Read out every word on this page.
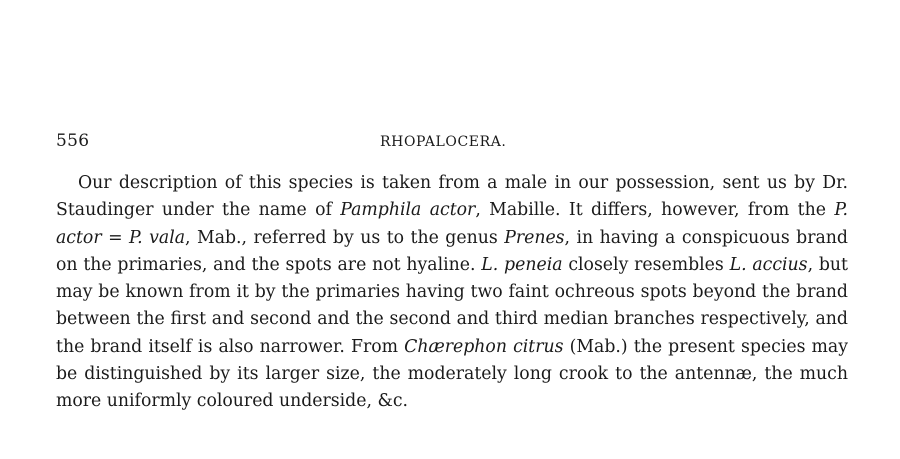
556	RHOPALOCERA.

Our description of this species is taken from a male in our possession, sent us by Dr. Staudinger under the name of Pamphila actor, Mabille. It differs, however, from the P. actor = P. vala, Mab., referred by us to the genus Prenes, in having a conspicuous brand on the primaries, and the spots are not hyaline. L. peneia closely resembles L. accius, but may be known from it by the primaries having two faint ochreous spots beyond the brand between the first and second and the second and third median branches respectively, and the brand itself is also narrower. From Chærephon citrus (Mab.) the present species may be distinguished by its larger size, the moderately long crook to the antennæ, the much more uniformly coloured underside, &c.
